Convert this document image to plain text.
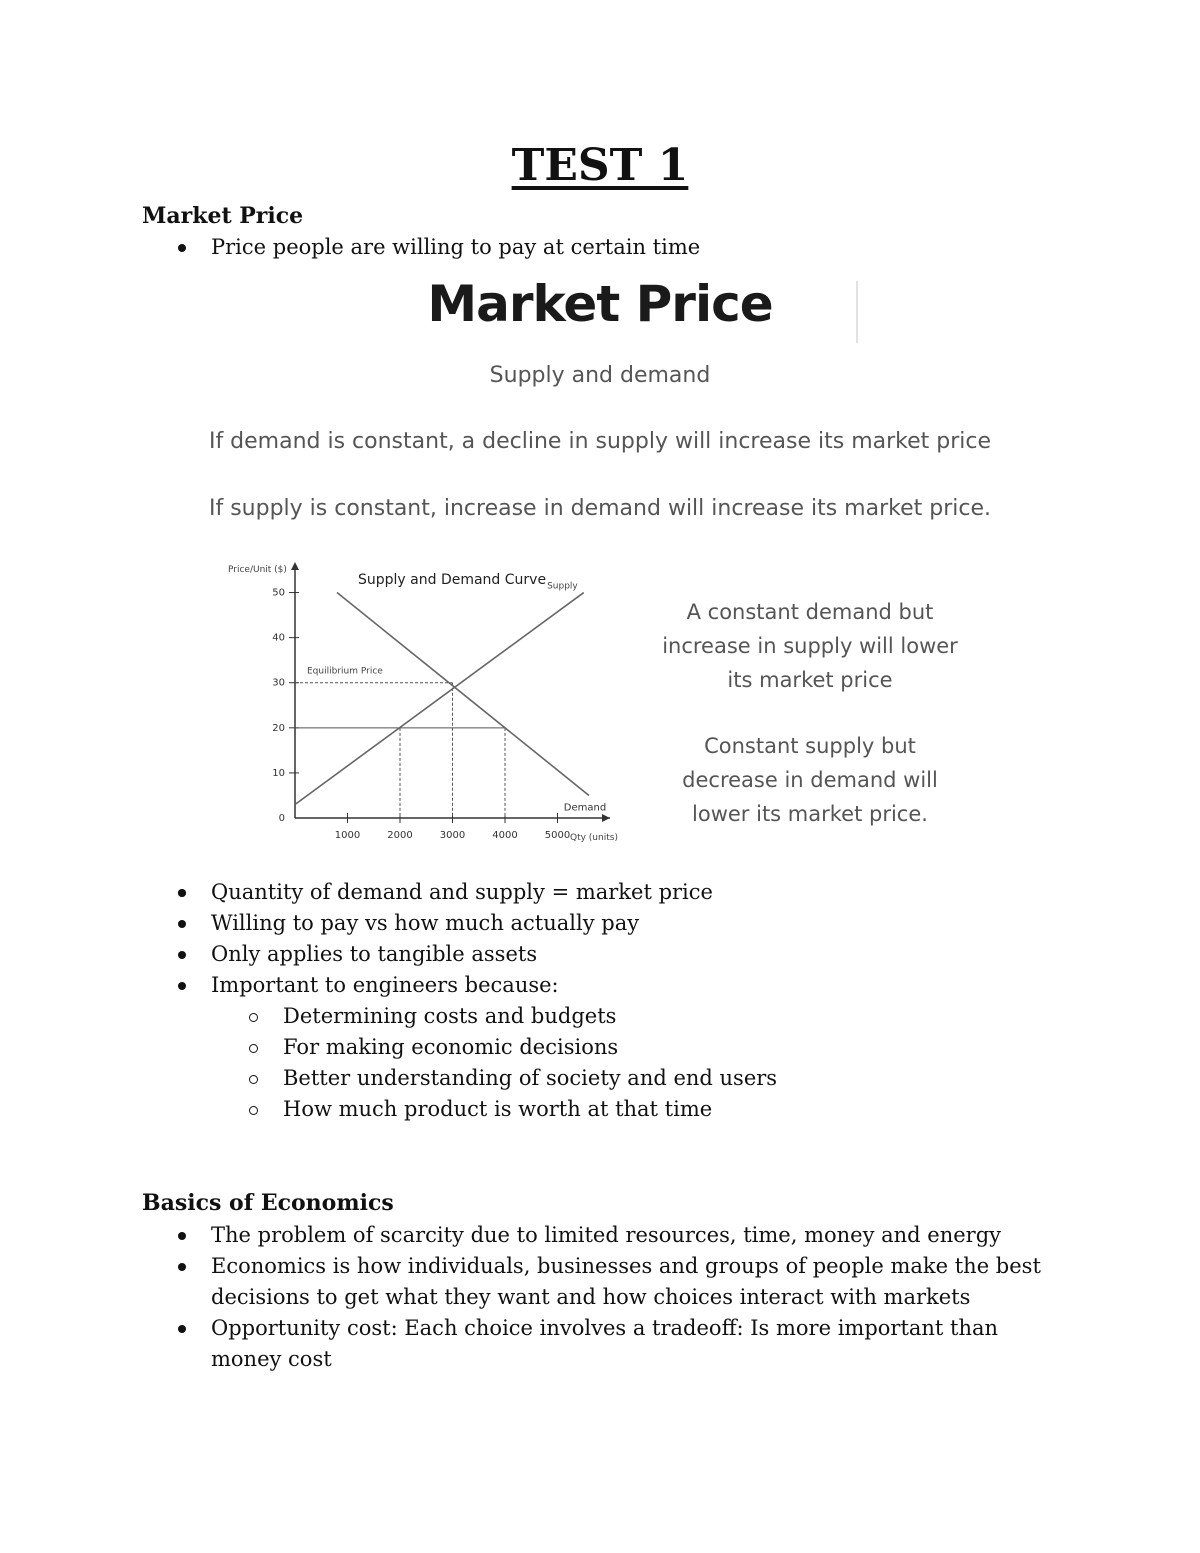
TEST 1
Market Price
Price people are willing to pay at certain time
Market Price
Supply and demand
If demand is constant, a decline in supply will increase its market price
If supply is constant, increase in demand will increase its market price.
1000	2000	3000	4000	5000
10
20
30
40
50
0
Equilibrium Price
Supply
Demand
Supply and Demand Curve
Price/Unit ($)
Qty (units)
A constant demand but increase in supply will lower its market price
Constant supply but decrease in demand will lower its market price.
Quantity of demand and supply = market price
Willing to pay vs how much actually pay
Only applies to tangible assets
Important to engineers because:
Determining costs and budgets
For making economic decisions
Better understanding of society and end users
How much product is worth at that time
Basics of Economics
The problem of scarcity due to limited resources, time, money and energy
Economics is how individuals, businesses and groups of people make the best decisions to get what they want and how choices interact with markets
Opportunity cost: Each choice involves a tradeoff: Is more important than money cost
